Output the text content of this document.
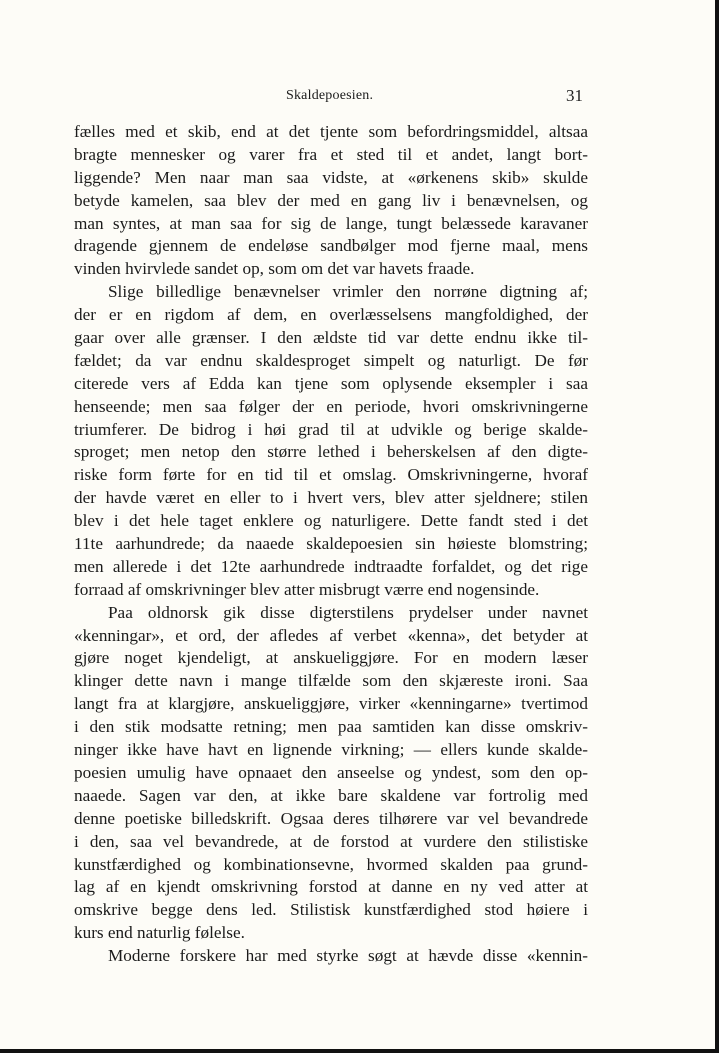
Skaldepoesien.	31
fælles med et skib, end at det tjente som befordringsmiddel, altsaa
bragte mennesker og varer fra et sted til et andet, langt bort-
liggende? Men naar man saa vidste, at «ørkenens skib» skulde
betyde kamelen, saa blev der med en gang liv i benævnelsen, og
man syntes, at man saa for sig de lange, tungt belæssede karavaner
dragende gjennem de endeløse sandbølger mod fjerne maal, mens
vinden hvirvlede sandet op, som om det var havets fraade.
Slige billedlige benævnelser vrimler den norrøne digtning af;
der er en rigdom af dem, en overlæsselsens mangfoldighed, der
gaar over alle grænser. I den ældste tid var dette endnu ikke til-
fældet; da var endnu skaldesproget simpelt og naturligt. De før
citerede vers af Edda kan tjene som oplysende eksempler i saa
henseende; men saa følger der en periode, hvori omskrivningerne
triumferer. De bidrog i høi grad til at udvikle og berige skalde-
sproget; men netop den større lethed i beherskelsen af den digte-
riske form førte for en tid til et omslag. Omskrivningerne, hvoraf
der havde været en eller to i hvert vers, blev atter sjeldnere; stilen
blev i det hele taget enklere og naturligere. Dette fandt sted i det
11te aarhundrede; da naaede skaldepoesien sin høieste blomstring;
men allerede i det 12te aarhundrede indtraadte forfaldet, og det rige
forraad af omskrivninger blev atter misbrugt værre end nogensinde.
Paa oldnorsk gik disse digterstilens prydelser under navnet
«kenningar», et ord, der afledes af verbet «kenna», det betyder at
gjøre noget kjendeligt, at anskueliggjøre. For en modern læser
klinger dette navn i mange tilfælde som den skjæreste ironi. Saa
langt fra at klargjøre, anskueliggjøre, virker «kenningarne» tvertimod
i den stik modsatte retning; men paa samtiden kan disse omskriv-
ninger ikke have havt en lignende virkning; — ellers kunde skalde-
poesien umulig have opnaaet den anseelse og yndest, som den op-
naaede. Sagen var den, at ikke bare skaldene var fortrolig med
denne poetiske billedskrift. Ogsaa deres tilhørere var vel bevandrede
i den, saa vel bevandrede, at de forstod at vurdere den stilistiske
kunstfærdighed og kombinationsevne, hvormed skalden paa grund-
lag af en kjendt omskrivning forstod at danne en ny ved atter at
omskrive begge dens led. Stilistisk kunstfærdighed stod høiere i
kurs end naturlig følelse.
Moderne forskere har med styrke søgt at hævde disse «kennin-
